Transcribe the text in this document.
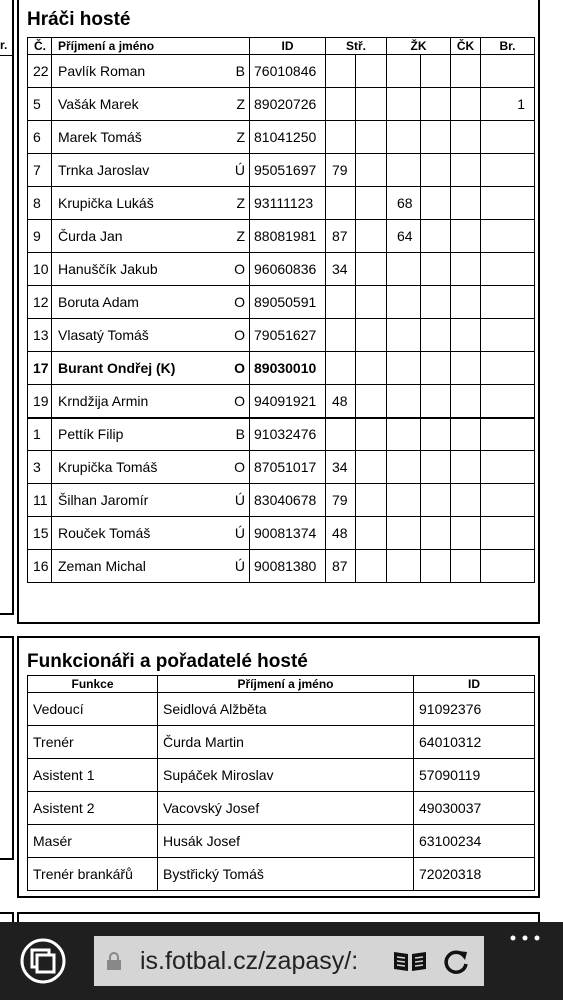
r.
Hráči hosté
Č.	Příjmení a jméno		ID	Stř.		ŽK		ČK	Br.
22	Pavlík Roman	B	76010846						
5	Vašák Marek	Z	89020726						1
6	Marek Tomáš	Z	81041250						
7	Trnka Jaroslav	Ú	95051697	79					
8	Krupička Lukáš	Z	93111123			68			
9	Čurda Jan	Z	88081981	87		64			
10	Hanuščík Jakub	O	96060836	34					
12	Boruta Adam	O	89050591						
13	Vlasatý Tomáš	O	79051627						
17	Burant Ondřej (K)	O	89030010						
19	Krndžija Armin	O	94091921	48					
1	Pettík Filip	B	91032476						
3	Krupička Tomáš	O	87051017	34					
11	Šilhan Jaromír	Ú	83040678	79					
15	Rouček Tomáš	Ú	90081374	48					
16	Zeman Michal	Ú	90081380	87					
Funkcionáři a pořadatelé hosté
Funkce	Příjmení a jméno	ID
Vedoucí	Seidlová Alžběta	91092376
Trenér	Čurda Martin	64010312
Asistent 1	Supáček Miroslav	57090119
Asistent 2	Vacovský Josef	49030037
Masér	Husák Josef	63100234
Trenér brankářů	Bystřický Tomáš	72020318
is.fotbal.cz/zapasy/:
